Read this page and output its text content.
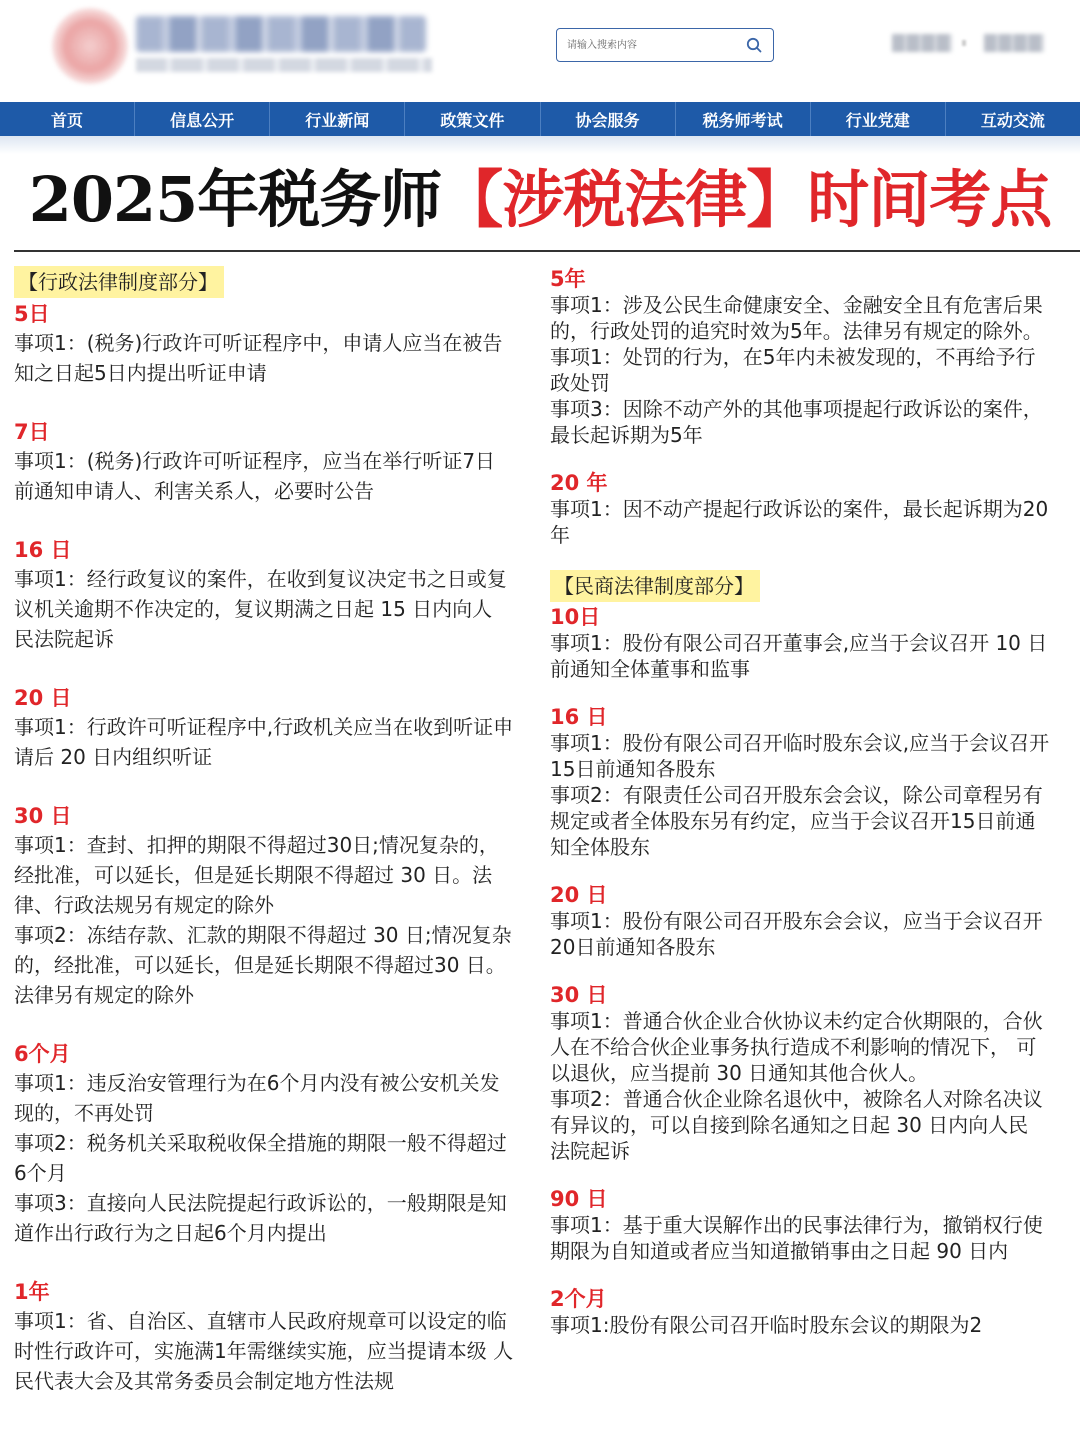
请输入搜索内容
首页	信息公开	行业新闻	政策文件	协会服务	税务师考试	行业党建	互动交流
2025年税务师【涉税法律】时间考点
【行政法律制度部分】
5日
事项1：(税务)行政许可听证程序中，申请人应当在被告知之日起5日内提出听证申请
7日
事项1：(税务)行政许可听证程序，应当在举行听证7日前通知申请人、利害关系人，必要时公告
16 日
事项1：经行政复议的案件，在收到复议决定书之日或复议机关逾期不作决定的，复议期满之日起 15 日内向人 民法院起诉
20 日
事项1：行政许可听证程序中,行政机关应当在收到听证申请后 20 日内组织听证
30 日
事项1：查封、扣押的期限不得超过30日;情况复杂的，经批准，可以延长，但是延长期限不得超过 30 日。法律、行政法规另有规定的除外
事项2：冻结存款、汇款的期限不得超过 30 日;情况复杂的，经批准，可以延长，但是延长期限不得超过30 日。法律另有规定的除外
6个月
事项1：违反治安管理行为在6个月内没有被公安机关发现的，不再处罚
事项2：税务机关采取税收保全措施的期限一般不得超过6个月
事项3：直接向人民法院提起行政诉讼的，一般期限是知道作出行政行为之日起6个月内提出
1年
事项1：省、自治区、直辖市人民政府规章可以设定的临时性行政许可，实施满1年需继续实施，应当提请本级 人民代表大会及其常务委员会制定地方性法规
5年
事项1：涉及公民生命健康安全、金融安全且有危害后果的，行政处罚的追究时效为5年。法律另有规定的除外。
事项1：处罚的行为，在5年内未被发现的，不再给予行政处罚
事项3：因除不动产外的其他事项提起行政诉讼的案件，最长起诉期为5年
20 年
事项1：因不动产提起行政诉讼的案件，最长起诉期为20年
【民商法律制度部分】
10日
事项1：股份有限公司召开董事会,应当于会议召开 10 日前通知全体董事和监事
16 日
事项1：股份有限公司召开临时股东会议,应当于会议召开15日前通知各股东
事项2：有限责任公司召开股东会会议，除公司章程另有规定或者全体股东另有约定，应当于会议召开15日前通知全体股东
20 日
事项1：股份有限公司召开股东会会议，应当于会议召开20日前通知各股东
30 日
事项1：普通合伙企业合伙协议未约定合伙期限的，合伙人在不给合伙企业事务执行造成不利影响的情况下， 可以退伙，应当提前 30 日通知其他合伙人。
事项2：普通合伙企业除名退伙中，被除名人对除名决议有异议的，可以自接到除名通知之日起 30 日内向人民 法院起诉
90 日
事项1：基于重大误解作出的民事法律行为，撤销权行使期限为自知道或者应当知道撤销事由之日起 90 日内
2个月
事项1:股份有限公司召开临时股东会议的期限为2
